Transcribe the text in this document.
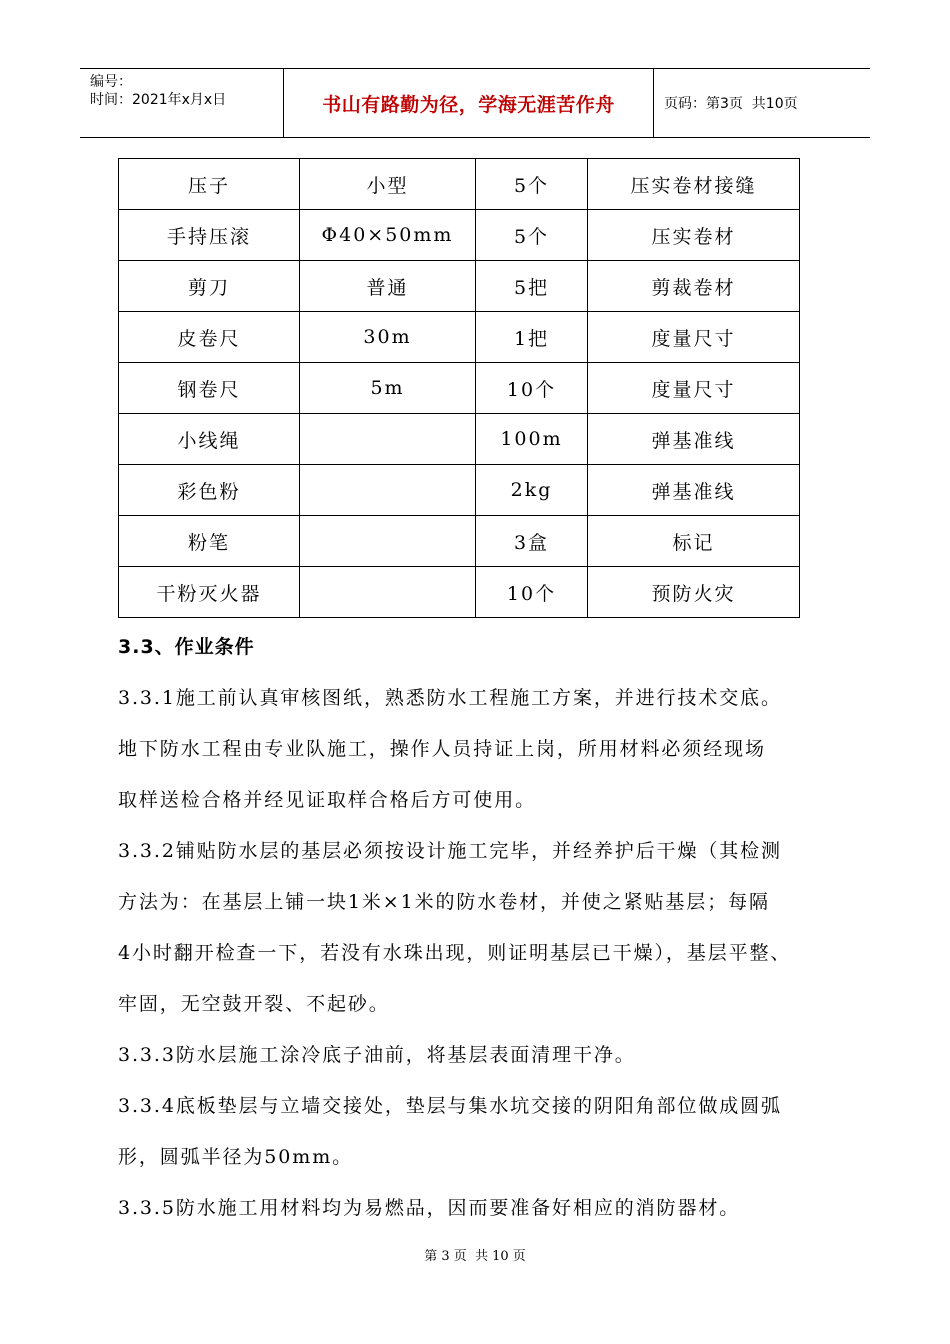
编号：
时间：2021年x月x日	书山有路勤为径，学海无涯苦作舟	页码：第3页  共10页
压子	小型	5个	压实卷材接缝
手持压滚	Φ40×50mm	5个	压实卷材
剪刀	普通	5把	剪裁卷材
皮卷尺	30m	1把	度量尺寸
钢卷尺	5m	10个	度量尺寸
小线绳		100m	弹基准线
彩色粉		2kg	弹基准线
粉笔		3盒	标记
干粉灭火器		10个	预防火灾

3.3、作业条件

3.3.1施工前认真审核图纸，熟悉防水工程施工方案，并进行技术交底。

地下防水工程由专业队施工，操作人员持证上岗，所用材料必须经现场

取样送检合格并经见证取样合格后方可使用。

3.3.2铺贴防水层的基层必须按设计施工完毕，并经养护后干燥（其检测

方法为：在基层上铺一块1米×1米的防水卷材，并使之紧贴基层；每隔

4小时翻开检查一下，若没有水珠出现，则证明基层已干燥），基层平整、

牢固，无空鼓开裂、不起砂。

3.3.3防水层施工涂冷底子油前，将基层表面清理干净。

3.3.4底板垫层与立墙交接处，垫层与集水坑交接的阴阳角部位做成圆弧

形，圆弧半径为50mm。

3.3.5防水施工用材料均为易燃品，因而要准备好相应的消防器材。

第 3 页  共 10 页
